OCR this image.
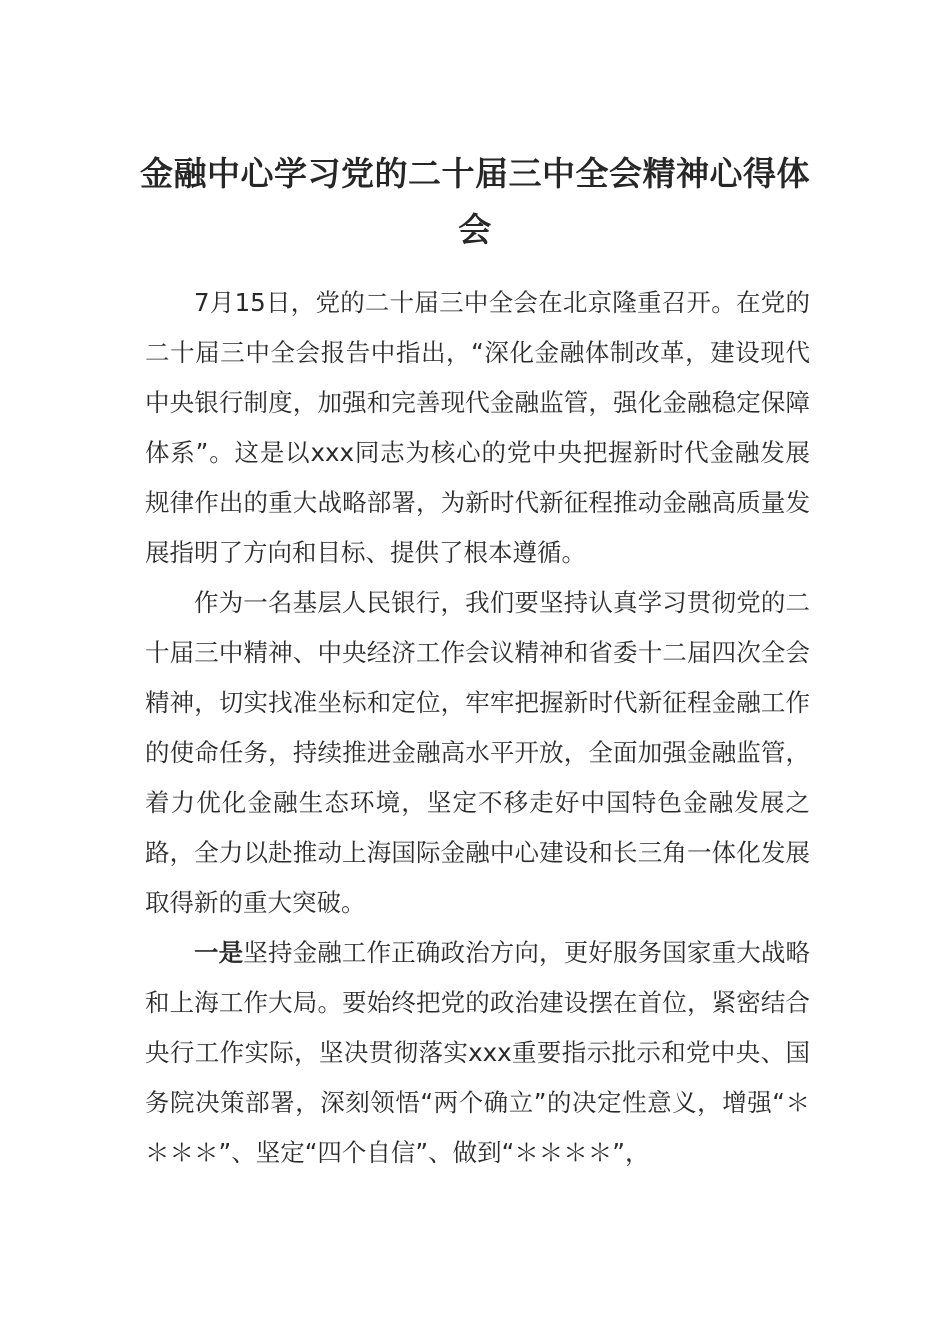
金融中心学习党的二十届三中全会精神心得体会

7月15日，党的二十届三中全会在北京隆重召开。在党的二十届三中全会报告中指出，“深化金融体制改革，建设现代中央银行制度，加强和完善现代金融监管，强化金融稳定保障体系”。这是以xxx同志为核心的党中央把握新时代金融发展规律作出的重大战略部署，为新时代新征程推动金融高质量发展指明了方向和目标、提供了根本遵循。

作为一名基层人民银行，我们要坚持认真学习贯彻党的二十届三中精神、中央经济工作会议精神和省委十二届四次全会精神，切实找准坐标和定位，牢牢把握新时代新征程金融工作的使命任务，持续推进金融高水平开放，全面加强金融监管，着力优化金融生态环境，坚定不移走好中国特色金融发展之路，全力以赴推动上海国际金融中心建设和长三角一体化发展取得新的重大突破。

一是坚持金融工作正确政治方向，更好服务国家重大战略和上海工作大局。要始终把党的政治建设摆在首位，紧密结合央行工作实际，坚决贯彻落实xxx重要指示批示和党中央、国务院决策部署，深刻领悟“两个确立”的决定性意义，增强“＊＊＊＊”、坚定“四个自信”、做到“＊＊＊＊”，
